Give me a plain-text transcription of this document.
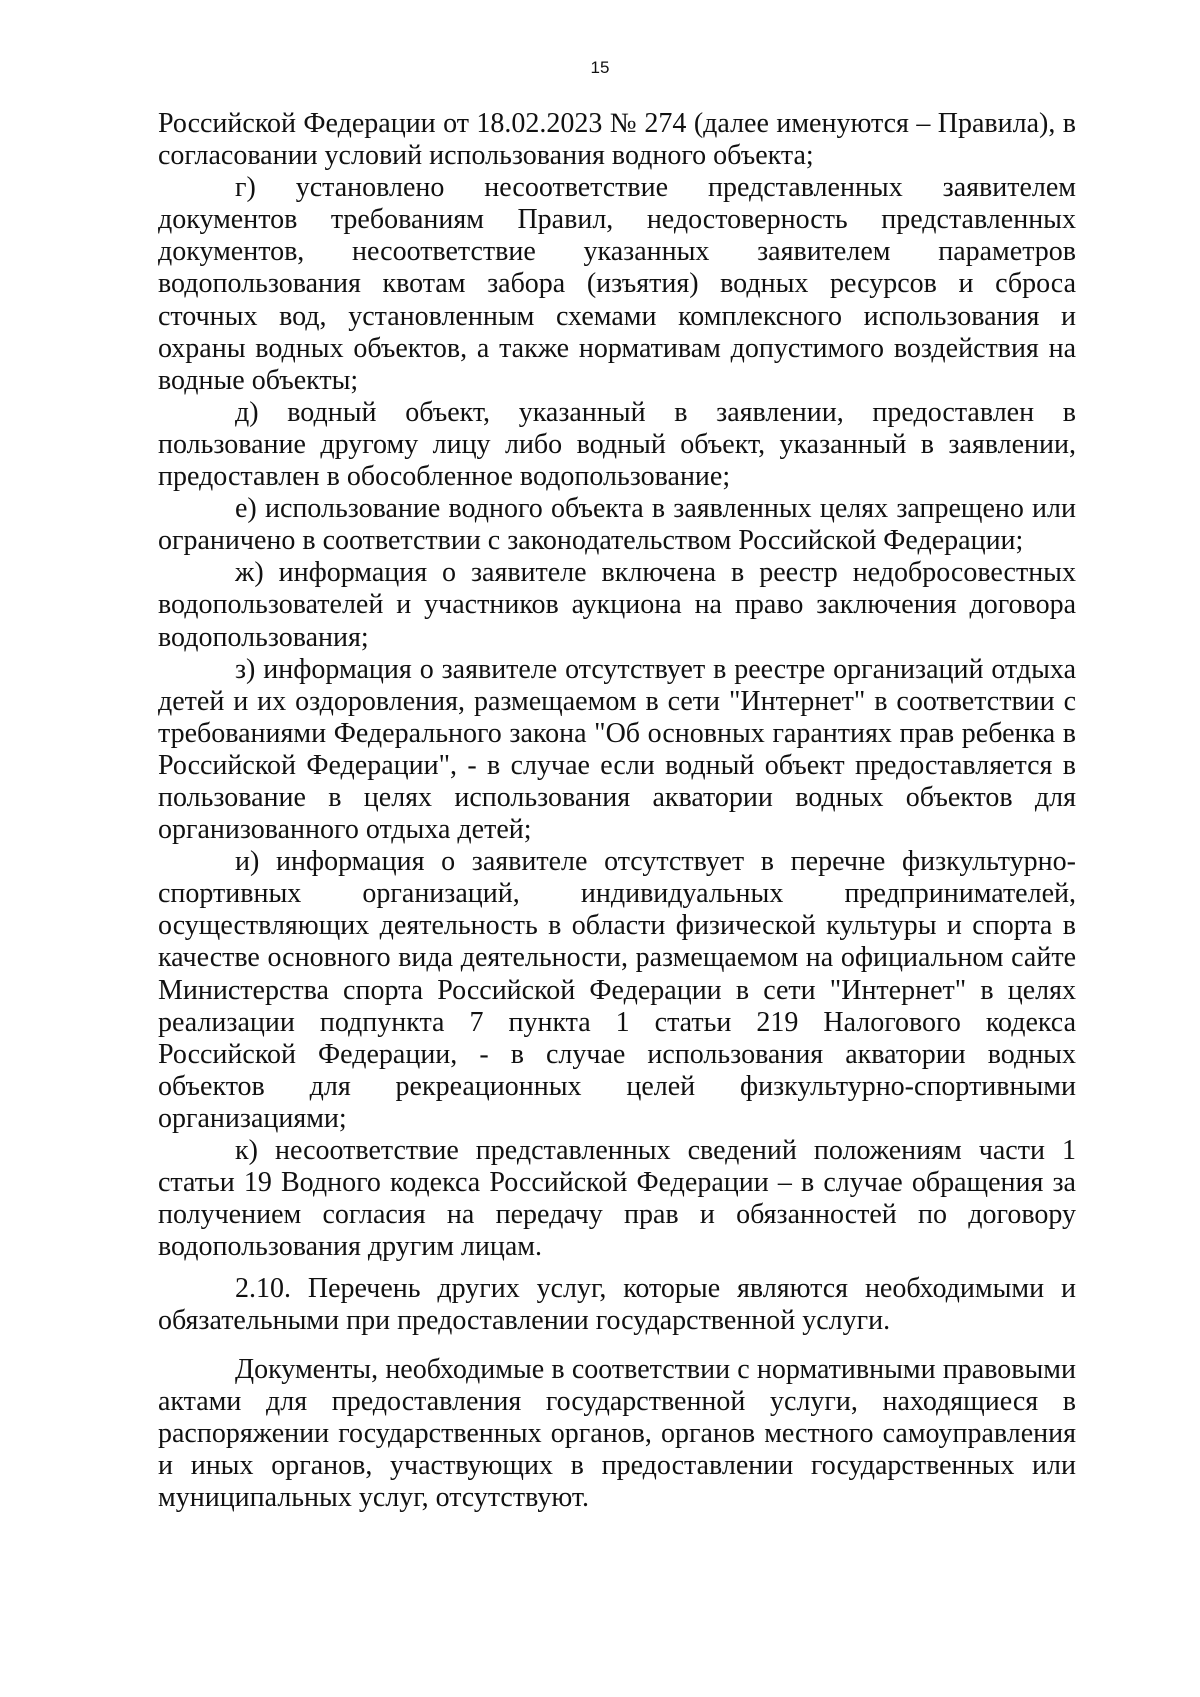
15

Российской Федерации от 18.02.2023 № 274 (далее именуются – Правила), в согласовании условий использования водного объекта;

г) установлено несоответствие представленных заявителем документов требованиям Правил, недостоверность представленных документов, несоответствие указанных заявителем параметров водопользования квотам забора (изъятия) водных ресурсов и сброса сточных вод, установленным схемами комплексного использования и охраны водных объектов, а также нормативам допустимого воздействия на водные объекты;

д) водный объект, указанный в заявлении, предоставлен в пользование другому лицу либо водный объект, указанный в заявлении, предоставлен в обособленное водопользование;

е) использование водного объекта в заявленных целях запрещено или ограничено в соответствии с законодательством Российской Федерации;

ж) информация о заявителе включена в реестр недобросовестных водопользователей и участников аукциона на право заключения договора водопользования;

з) информация о заявителе отсутствует в реестре организаций отдыха детей и их оздоровления, размещаемом в сети "Интернет" в соответствии с требованиями Федерального закона "Об основных гарантиях прав ребенка в Российской Федерации", - в случае если водный объект предоставляется в пользование в целях использования акватории водных объектов для организованного отдыха детей;

и) информация о заявителе отсутствует в перечне физкультурно-спортивных организаций, индивидуальных предпринимателей, осуществляющих деятельность в области физической культуры и спорта в качестве основного вида деятельности, размещаемом на официальном сайте Министерства спорта Российской Федерации в сети "Интернет" в целях реализации подпункта 7 пункта 1 статьи 219 Налогового кодекса Российской Федерации, - в случае использования акватории водных объектов для рекреационных целей физкультурно-спортивными организациями;

к) несоответствие представленных сведений положениям части 1 статьи 19 Водного кодекса Российской Федерации – в случае обращения за получением согласия на передачу прав и обязанностей по договору водопользования другим лицам.

2.10. Перечень других услуг, которые являются необходимыми и обязательными при предоставлении государственной услуги.

Документы, необходимые в соответствии с нормативными правовыми актами для предоставления государственной услуги, находящиеся в распоряжении государственных органов, органов местного самоуправления и иных органов, участвующих в предоставлении государственных или муниципальных услуг, отсутствуют.
